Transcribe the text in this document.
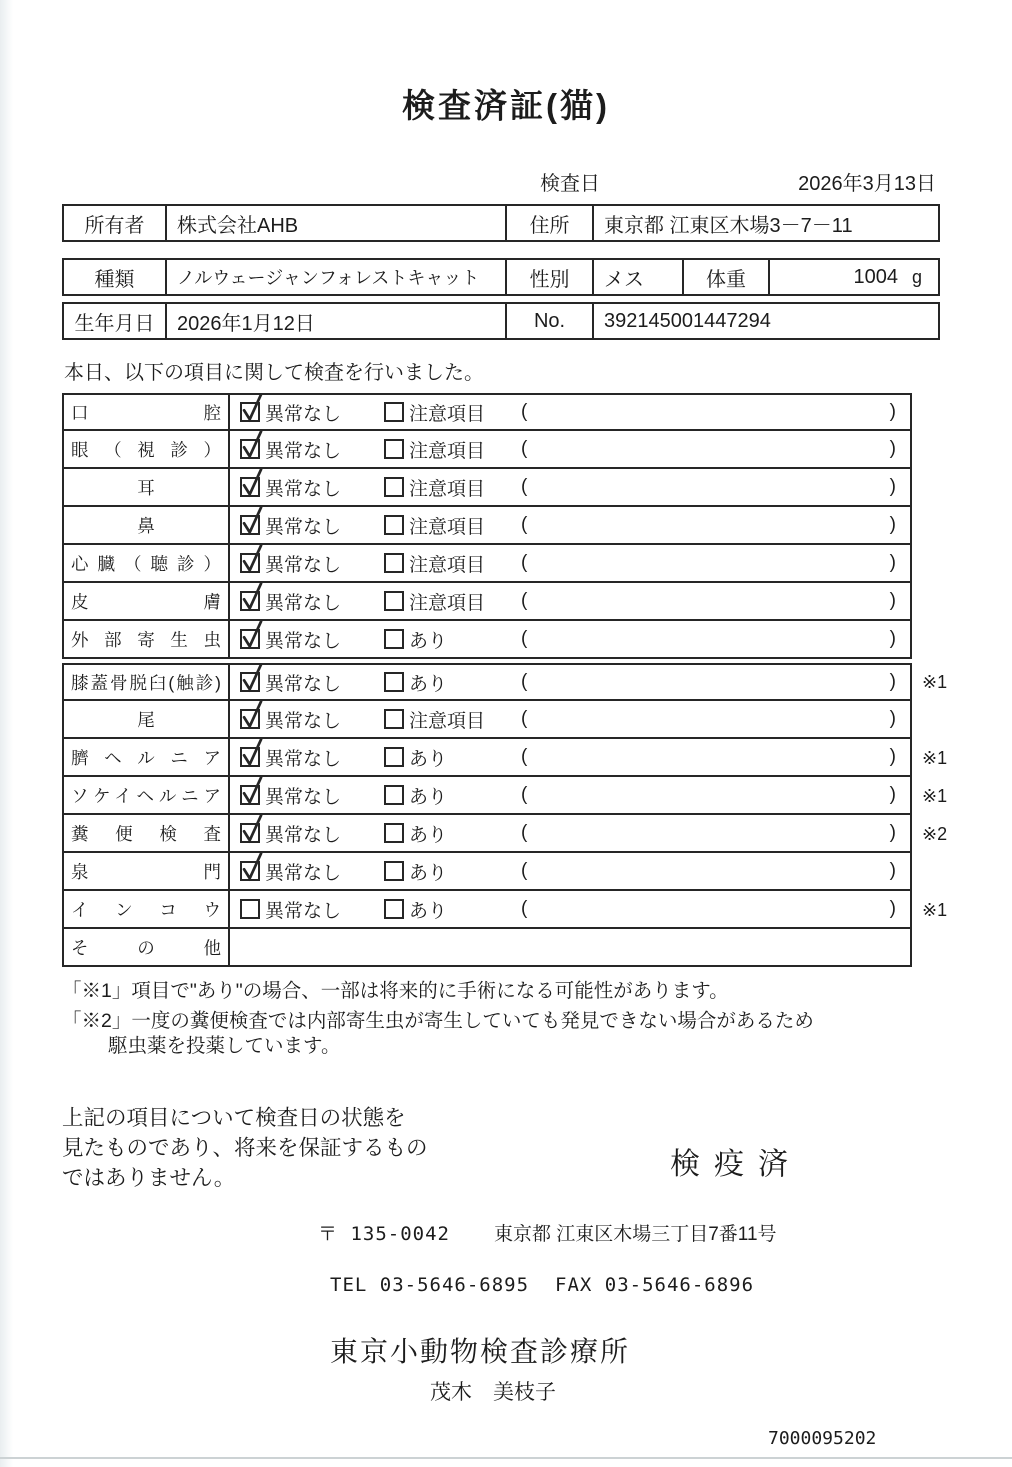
検査済証(猫)
検査日	2026年3月13日
所有者	株式会社AHB	住所	東京都 江東区木場3－7－11
種類	ノルウェージャンフォレストキャット	性別	メス	体重	1004 g
生年月日	2026年1月12日	No.	392145001447294
本日、以下の項目に関して検査を行いました。
口腔	異常なし	注意項目 (	)
眼（視診）	異常なし	注意項目 (	)
耳	異常なし	注意項目 (	)
鼻	異常なし	注意項目 (	)
心臓（聴診）	異常なし	注意項目 (	)
皮膚	異常なし	注意項目 (	)
外部寄生虫	異常なし	あり	(	)
膝蓋骨脱臼(触診)	異常なし	あり	(	)	※1
尾	異常なし	注意項目 (	)
臍ヘルニア	異常なし	あり	(	)	※1
ソケイヘルニア	異常なし	あり	(	)	※1
糞便検査	異常なし	あり	(	)	※2
泉門	異常なし	あり	(	)
インコウ	異常なし	あり	(	)	※1
その他
「※1」項目で"あり"の場合、一部は将来的に手術になる可能性があります。
「※2」一度の糞便検査では内部寄生虫が寄生していても発見できない場合があるため
駆虫薬を投薬しています。
上記の項目について検査日の状態を
見たものであり、将来を保証するもの
ではありません。	検疫済
〒 135-0042 東京都 江東区木場三丁目7番11号
TEL 03-5646-6895 FAX 03-5646-6896
東京小動物検査診療所
茂木　美枝子
7000095202
